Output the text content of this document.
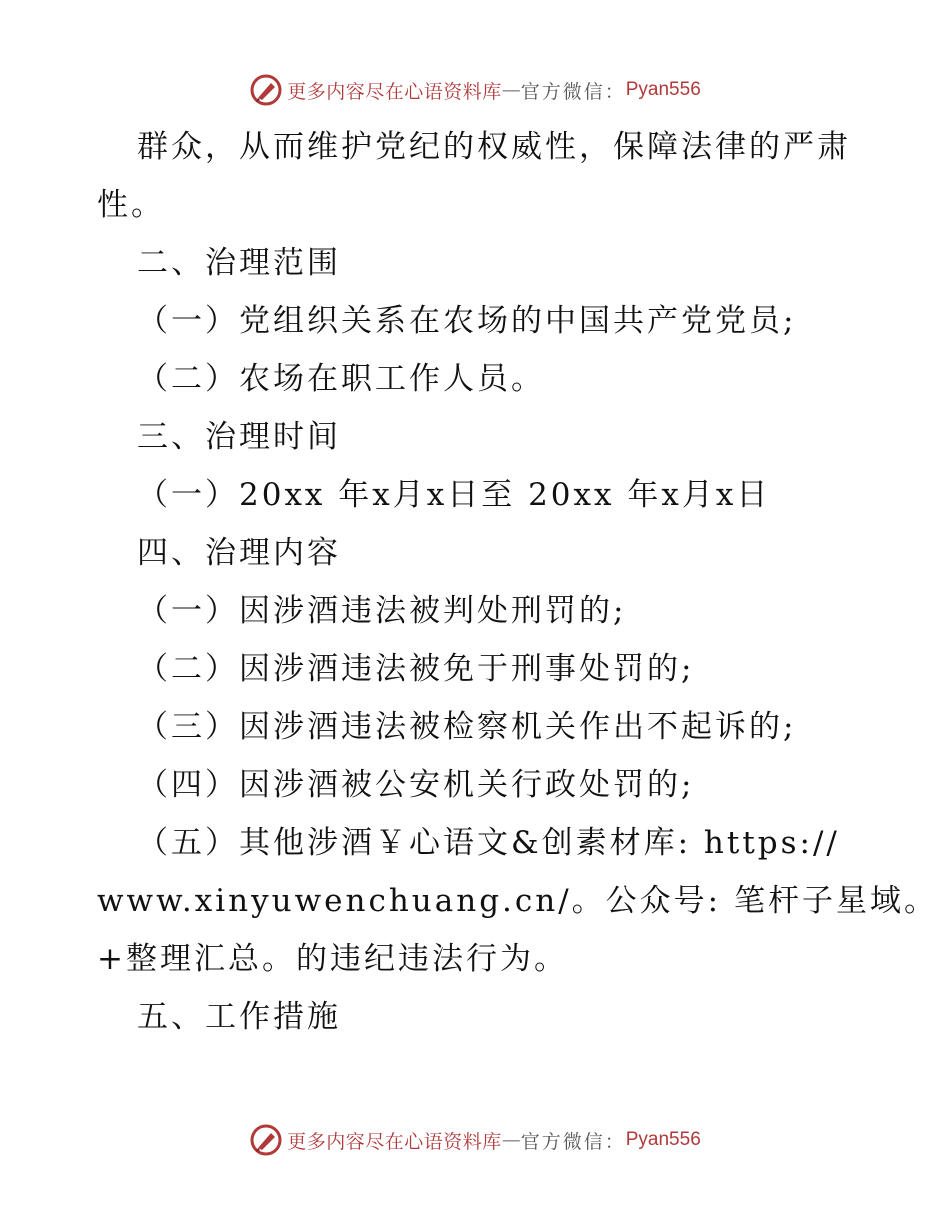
更多内容尽在心语资料库 — 官方微信： Pyan556
群众，从而维护党纪的权威性，保障法律的严肃
性。
二、治理范围
（一）党组织关系在农场的中国共产党党员;
（二）农场在职工作人员。
三、治理时间
（一）20xx 年x月x日至 20xx 年x月x日
四、治理内容
（一）因涉酒违法被判处刑罚的;
（二）因涉酒违法被免于刑事处罚的;
（三）因涉酒违法被检察机关作出不起诉的;
（四）因涉酒被公安机关行政处罚的;
（五）其他涉酒￥心语文&创素材库: https://
www.xinyuwenchuang.cn/。公众号: 笔杆子星域。
+整理汇总。的违纪违法行为。
五、工作措施
更多内容尽在心语资料库 — 官方微信： Pyan556
